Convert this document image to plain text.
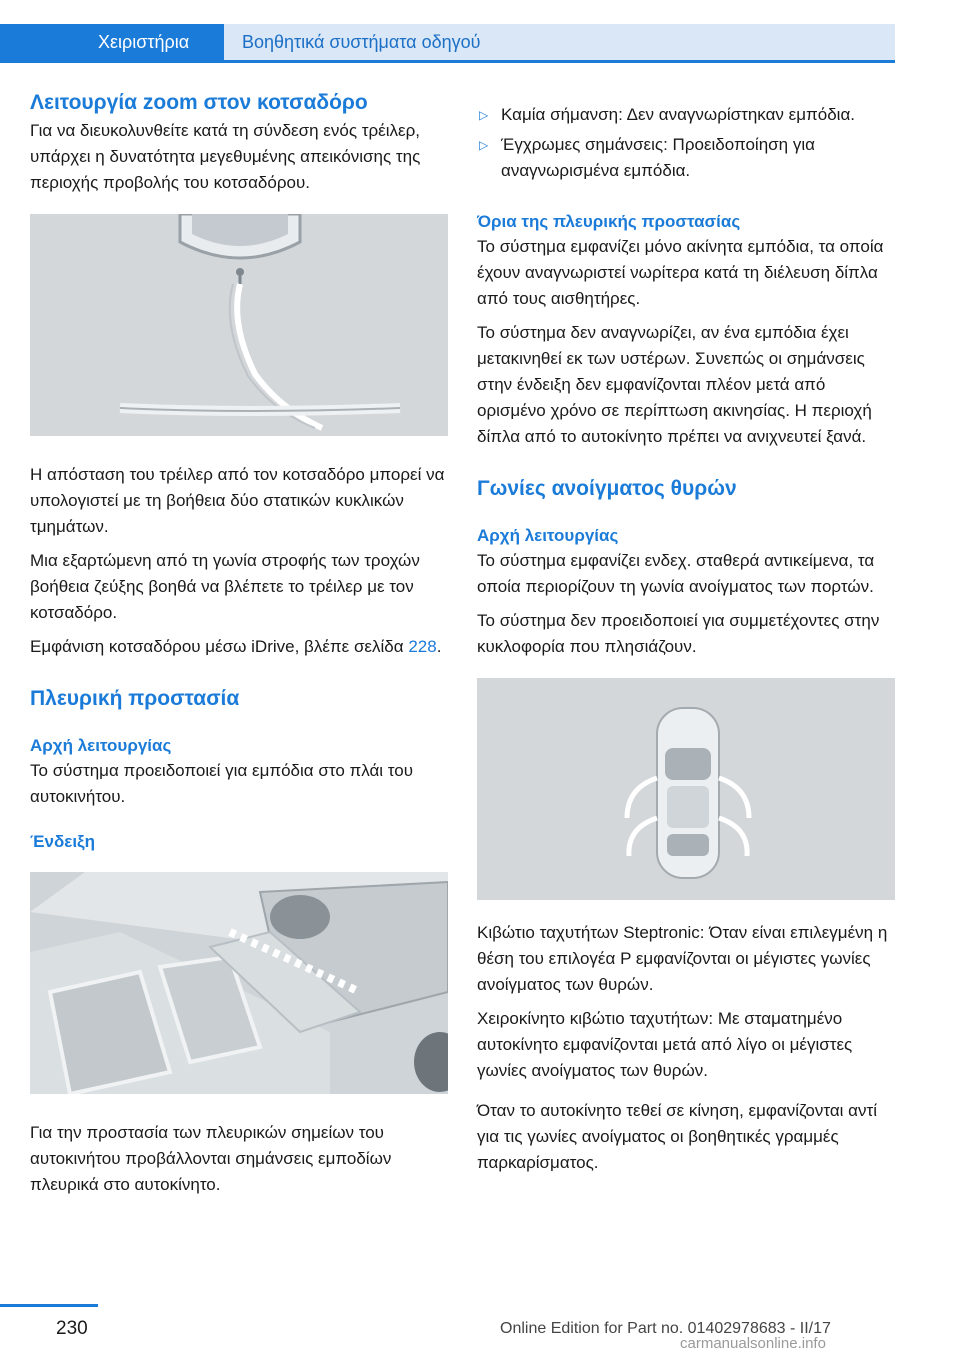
Χειριστήρια	Βοηθητικά συστήματα οδηγού
Λειτουργία zoom στον κοτσαδόρο

Για να διευκολυνθείτε κατά τη σύνδεση ενός τρέιλερ, υπάρχει η δυνατότητα μεγεθυμένης απεικόνισης της περιοχής προβολής του κοτσαδόρου.

Η απόσταση του τρέιλερ από τον κοτσαδόρο μπορεί να υπολογιστεί με τη βοήθεια δύο στατικών κυκλικών τμημάτων.

Μια εξαρτώμενη από τη γωνία στροφής των τροχών βοήθεια ζεύξης βοηθά να βλέπετε το τρέιλερ με τον κοτσαδόρο.

Εμφάνιση κοτσαδόρου μέσω iDrive, βλέπε σελίδα 228.

Πλευρική προστασία
Αρχή λειτουργίας

Το σύστημα προειδοποιεί για εμπόδια στο πλάι του αυτοκινήτου.

Ένδειξη

Για την προστασία των πλευρικών σημείων του αυτοκινήτου προβάλλονται σημάνσεις εμποδίων πλευρικά στο αυτοκίνητο.

▷ Καμία σήμανση: Δεν αναγνωρίστηκαν εμπόδια.
▷ Έγχρωμες σημάνσεις: Προειδοποίηση για αναγνωρισμένα εμπόδια.
Όρια της πλευρικής προστασίας

Το σύστημα εμφανίζει μόνο ακίνητα εμπόδια, τα οποία έχουν αναγνωριστεί νωρίτερα κατά τη διέλευση δίπλα από τους αισθητήρες.

Το σύστημα δεν αναγνωρίζει, αν ένα εμπόδια έχει μετακινηθεί εκ των υστέρων. Συνεπώς οι σημάνσεις στην ένδειξη δεν εμφανίζονται πλέον μετά από ορισμένο χρόνο σε περίπτωση ακινησίας. Η περιοχή δίπλα από το αυτοκίνητο πρέπει να ανιχνευτεί ξανά.

Γωνίες ανοίγματος θυρών
Αρχή λειτουργίας

Το σύστημα εμφανίζει ενδεχ. σταθερά αντικείμενα, τα οποία περιορίζουν τη γωνία ανοίγματος των πορτών.

Το σύστημα δεν προειδοποιεί για συμμετέχοντες στην κυκλοφορία που πλησιάζουν.

Κιβώτιο ταχυτήτων Steptronic: Όταν είναι επιλεγμένη η θέση του επιλογέα P εμφανίζονται οι μέγιστες γωνίες ανοίγματος των θυρών.

Χειροκίνητο κιβώτιο ταχυτήτων: Με σταματημένο αυτοκίνητο εμφανίζονται μετά από λίγο οι μέγιστες γωνίες ανοίγματος των θυρών.

Όταν το αυτοκίνητο τεθεί σε κίνηση, εμφανίζονται αντί για τις γωνίες ανοίγματος οι βοηθητικές γραμμές παρκαρίσματος.

230	Online Edition for Part no. 01402978683 - II/17
carmanualsonline.info
